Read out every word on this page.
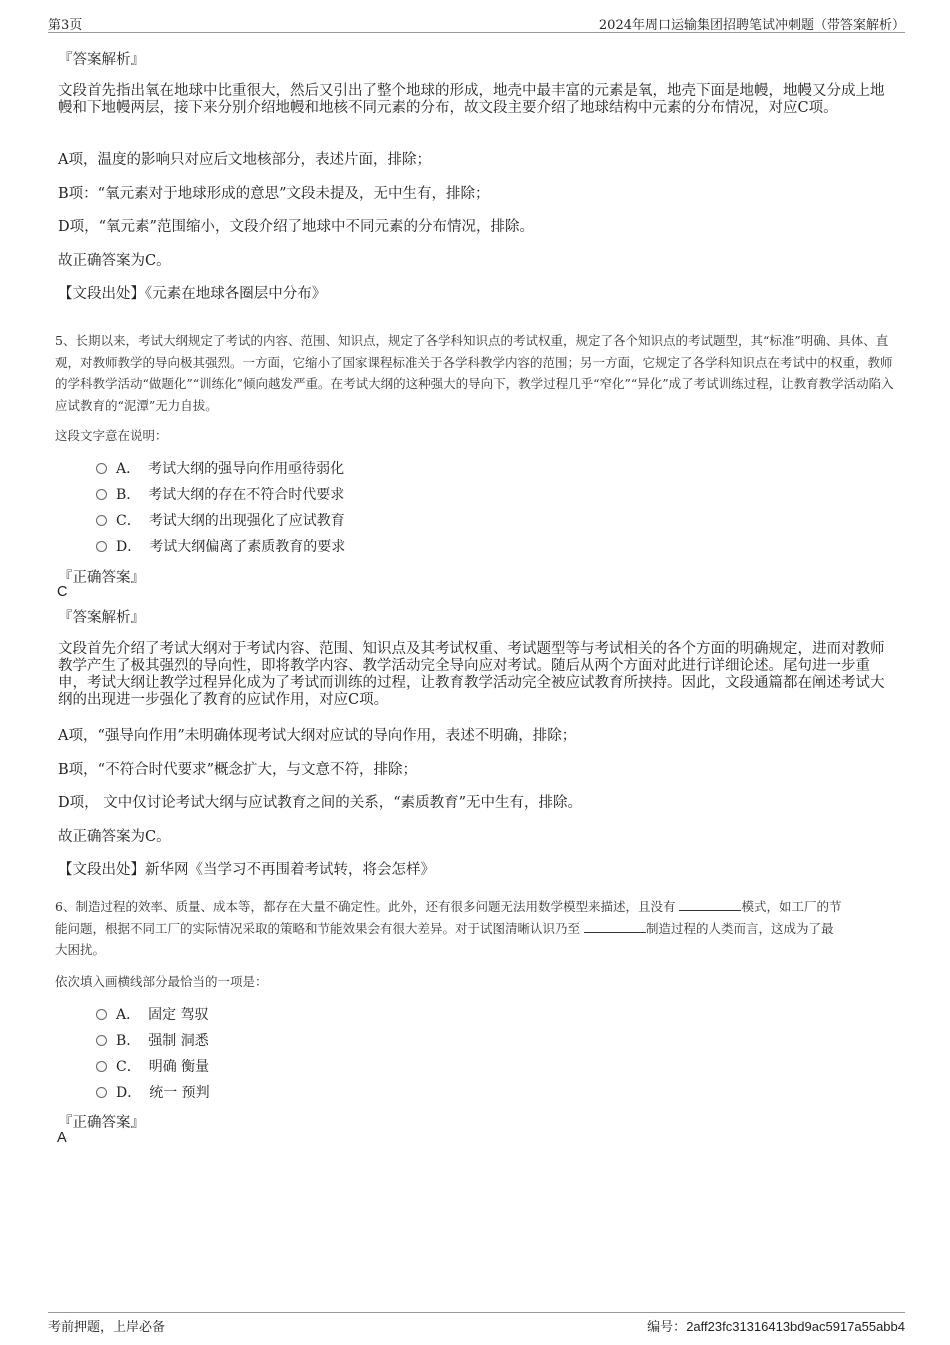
第3页	2024年周口运输集团招聘笔试冲刺题（带答案解析）

『答案解析』

文段首先指出氧在地球中比重很大，然后又引出了整个地球的形成，地壳中最丰富的元素是氧，地壳下面是地幔，地幔又分成上地幔和下地幔两层，接下来分别介绍地幔和地核不同元素的分布，故文段主要介绍了地球结构中元素的分布情况，对应C项。

A项，温度的影响只对应后文地核部分，表述片面，排除；

B项：“氧元素对于地球形成的意思”文段未提及，无中生有，排除；

D项，“氧元素”范围缩小，文段介绍了地球中不同元素的分布情况，排除。

故正确答案为C。

【文段出处】《元素在地球各圈层中分布》

5、长期以来，考试大纲规定了考试的内容、范围、知识点，规定了各学科知识点的考试权重，规定了各个知识点的考试题型，其“标准”明确、具体、直观，对教师教学的导向极其强烈。一方面，它缩小了国家课程标准关于各学科教学内容的范围；另一方面，它规定了各学科知识点在考试中的权重，教师的学科教学活动“做题化”“训练化”倾向越发严重。在考试大纲的这种强大的导向下，教学过程几乎“窄化”“异化”成了考试训练过程，让教育教学活动陷入应试教育的“泥潭”无力自拔。

这段文字意在说明：

A． 考试大纲的强导向作用亟待弱化
B． 考试大纲的存在不符合时代要求
C． 考试大纲的出现强化了应试教育
D． 考试大纲偏离了素质教育的要求

『正确答案』

C

『答案解析』

文段首先介绍了考试大纲对于考试内容、范围、知识点及其考试权重、考试题型等与考试相关的各个方面的明确规定，进而对教师教学产生了极其强烈的导向性，即将教学内容、教学活动完全导向应对考试。随后从两个方面对此进行详细论述。尾句进一步重申，考试大纲让教学过程异化成为了考试而训练的过程，让教育教学活动完全被应试教育所挟持。因此，文段通篇都在阐述考试大纲的出现进一步强化了教育的应试作用，对应C项。

A项，“强导向作用”未明确体现考试大纲对应试的导向作用，表述不明确，排除；

B项，“不符合时代要求”概念扩大，与文意不符，排除；

D项， 文中仅讨论考试大纲与应试教育之间的关系，“素质教育”无中生有，排除。

故正确答案为C。

【文段出处】新华网《当学习不再围着考试转，将会怎样》

6、制造过程的效率、质量、成本等，都存在大量不确定性。此外，还有很多问题无法用数学模型来描述，且没有	模式，如工厂的节
能问题，根据不同工厂的实际情况采取的策略和节能效果会有很大差异。对于试图清晰认识乃至	制造过程的人类而言，这成为了最
大困扰。

依次填入画横线部分最恰当的一项是：

A． 固定 驾驭
B． 强制 洞悉
C． 明确 衡量
D． 统一 预判

『正确答案』

A

考前押题，上岸必备	编号：2aff23fc31316413bd9ac5917a55abb4
